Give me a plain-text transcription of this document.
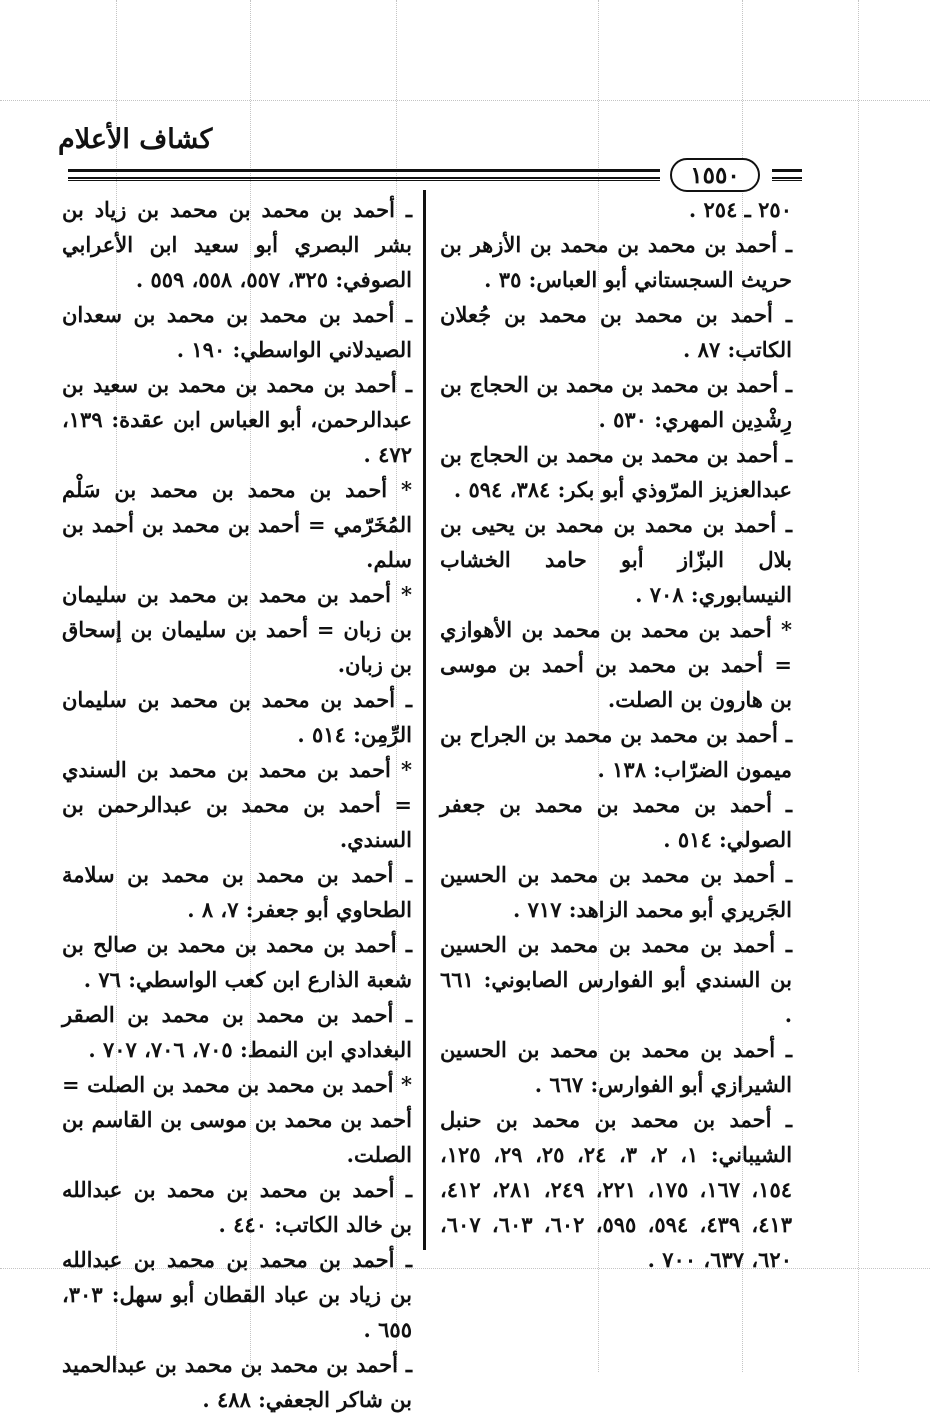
كشاف الأعلام
١٥٥٠

٢٥٠ ـ ٢٥٤ .

ـ أحمد بن محمد بن محمد بن الأزهر بن حريث السجستاني أبو العباس: ٣٥ .

ـ أحمد بن محمد بن محمد بن جُعلان الكاتب: ٨٧ .

ـ أحمد بن محمد بن محمد بن الحجاج بن رِشْدِين المهري: ٥٣٠ .

ـ أحمد بن محمد بن محمد بن الحجاج بن عبدالعزيز المرّوذي أبو بكر: ٣٨٤، ٥٩٤ .

ـ أحمد بن محمد بن محمد بن يحيى بن بلال البزّاز أبو حامد الخشاب النيسابوري: ٧٠٨ .

* أحمد بن محمد بن محمد بن الأهوازي = أحمد بن محمد بن أحمد بن موسى بن هارون بن الصلت.

ـ أحمد بن محمد بن محمد بن الجراح بن ميمون الضرّاب: ١٣٨ .

ـ أحمد بن محمد بن محمد بن جعفر الصولي: ٥١٤ .

ـ أحمد بن محمد بن محمد بن الحسين الجَريري أبو محمد الزاهد: ٧١٧ .

ـ أحمد بن محمد بن محمد بن الحسين بن السندي أبو الفوارس الصابوني: ٦٦١ .

ـ أحمد بن محمد بن محمد بن الحسين الشيرازي أبو الفوارس: ٦٦٧ .

ـ أحمد بن محمد بن محمد بن حنبل الشيباني: ١، ٢، ٣، ٢٤، ٢٥، ٢٩، ١٢٥، ١٥٤، ١٦٧، ١٧٥، ٢٢١، ٢٤٩، ٢٨١، ٤١٢، ٤١٣، ٤٣٩، ٥٩٤، ٥٩٥، ٦٠٢، ٦٠٣، ٦٠٧، ٦٢٠، ٦٣٧، ٧٠٠ .

ـ أحمد بن محمد بن محمد بن زياد بن بشر البصري أبو سعيد ابن الأعرابي الصوفي: ٣٢٥، ٥٥٧، ٥٥٨، ٥٥٩ .

ـ أحمد بن محمد بن محمد بن سعدان الصيدلاني الواسطي: ١٩٠ .

ـ أحمد بن محمد بن محمد بن سعيد بن عبدالرحمن، أبو العباس ابن عقدة: ١٣٩، ٤٧٢ .

* أحمد بن محمد بن محمد بن سَلْم المُخَرّمي = أحمد بن محمد بن أحمد بن سلم.

* أحمد بن محمد بن محمد بن سليمان بن زبان = أحمد بن سليمان بن إسحاق بن زبان.

ـ أحمد بن محمد بن محمد بن سليمان الرِّمِن: ٥١٤ .

* أحمد بن محمد بن محمد بن السندي = أحمد بن محمد بن عبدالرحمن بن السندي.

ـ أحمد بن محمد بن محمد بن سلامة الطحاوي أبو جعفر: ٧، ٨ .

ـ أحمد بن محمد بن محمد بن صالح بن شعبة الذارع ابن كعب الواسطي: ٧٦ .

ـ أحمد بن محمد بن محمد بن الصقر البغدادي ابن النمط: ٧٠٥، ٧٠٦، ٧٠٧ .

* أحمد بن محمد بن محمد بن الصلت = أحمد بن محمد بن موسى بن القاسم بن الصلت.

ـ أحمد بن محمد بن محمد بن عبدالله بن خالد الكاتب: ٤٤٠ .

ـ أحمد بن محمد بن محمد بن عبدالله بن زياد بن عباد القطان أبو سهل: ٣٠٣، ٦٥٥ .

ـ أحمد بن محمد بن محمد بن عبدالحميد بن شاكر الجعفي: ٤٨٨ .
